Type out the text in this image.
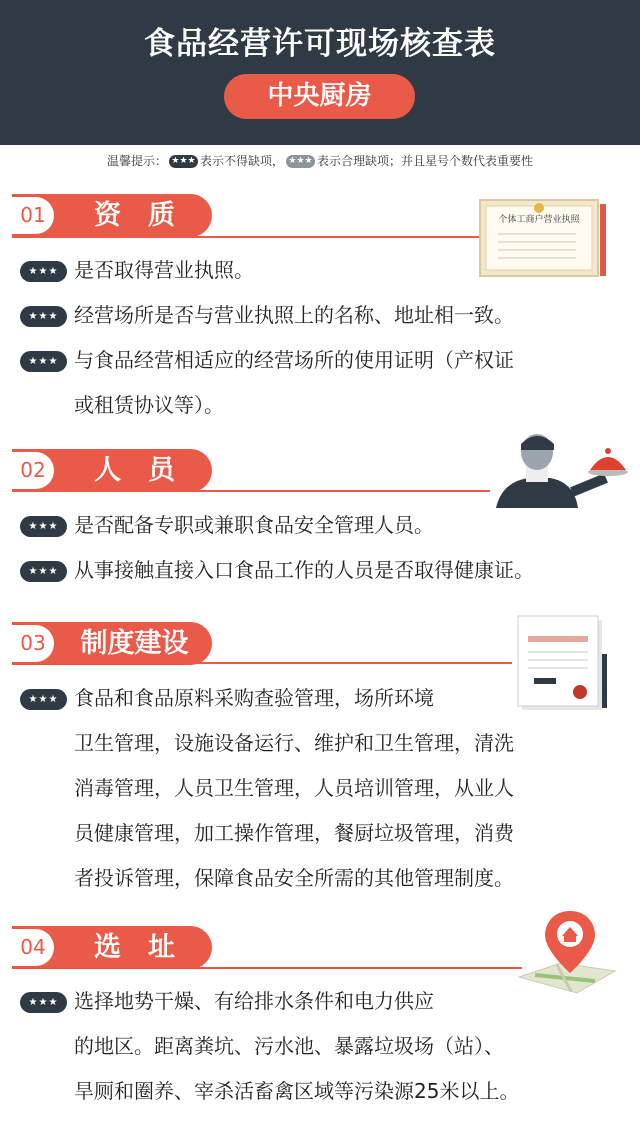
食品经营许可现场核查表
中央厨房
温馨提示： ★★★ 表示不得缺项， ★★★ 表示合理缺项；并且星号个数代表重要性
01	资　质
★★★ 是否取得营业执照。
★★★ 经营场所是否与营业执照上的名称、地址相一致。
★★★ 与食品经营相适应的经营场所的使用证明（产权证
或租赁协议等）。
个体工商户营业执照
02	人　员
★★★ 是否配备专职或兼职食品安全管理人员。
★★★ 从事接触直接入口食品工作的人员是否取得健康证。
03	制度建设
★★★ 食品和食品原料采购查验管理，场所环境
卫生管理，设施设备运行、维护和卫生管理，清洗
消毒管理，人员卫生管理，人员培训管理，从业人
员健康管理，加工操作管理，餐厨垃圾管理，消费
者投诉管理，保障食品安全所需的其他管理制度。
04	选　址
★★★ 选择地势干燥、有给排水条件和电力供应
的地区。距离粪坑、污水池、暴露垃圾场（站）、
旱厕和圈养、宰杀活畜禽区域等污染源25米以上。
